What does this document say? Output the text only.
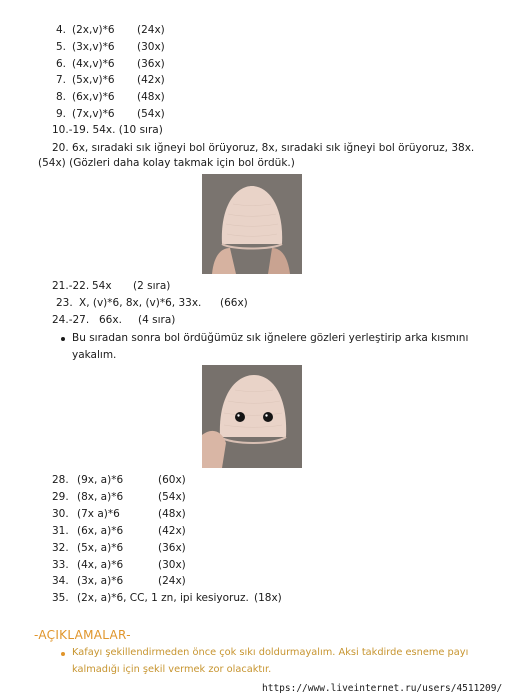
4. (2x,v)*6 (24x)
5. (3x,v)*6 (30x)
6. (4x,v)*6 (36x)
7. (5x,v)*6 (42x)
8. (6x,v)*6 (48x)
9. (7x,v)*6 (54x)
10.-19. 54x. (10 sıra)
20. 6x, sıradaki sık iğneyi bol örüyoruz, 8x, sıradaki sık iğneyi bol örüyoruz, 38x.
(54x) (Gözleri daha kolay takmak için bol ördük.)
21.-22. 54x (2 sıra)
23. X, (v)*6, 8x, (v)*6, 33x. (66x)
24.-27. 66x. (4 sıra)
Bu sıradan sonra bol ördüğümüz sık iğnelere gözleri yerleştirip arka kısmını
yakalım.
28. (9x, a)*6	(60x)
29. (8x, a)*6	(54x)
30. (7x a)*6	(48x)
31. (6x, a)*6	(42x)
32. (5x, a)*6	(36x)
33. (4x, a)*6	(30x)
34. (3x, a)*6	(24x)
35. (2x, a)*6, CC, 1 zn, ipi kesiyoruz. (18x)
-AÇIKLAMALAR-
Kafayı şekillendirmeden önce çok sıkı doldurmayalım. Aksi takdirde esneme payı
kalmadığı için şekil vermek zor olacaktır.
https://www.liveinternet.ru/users/4511209/
